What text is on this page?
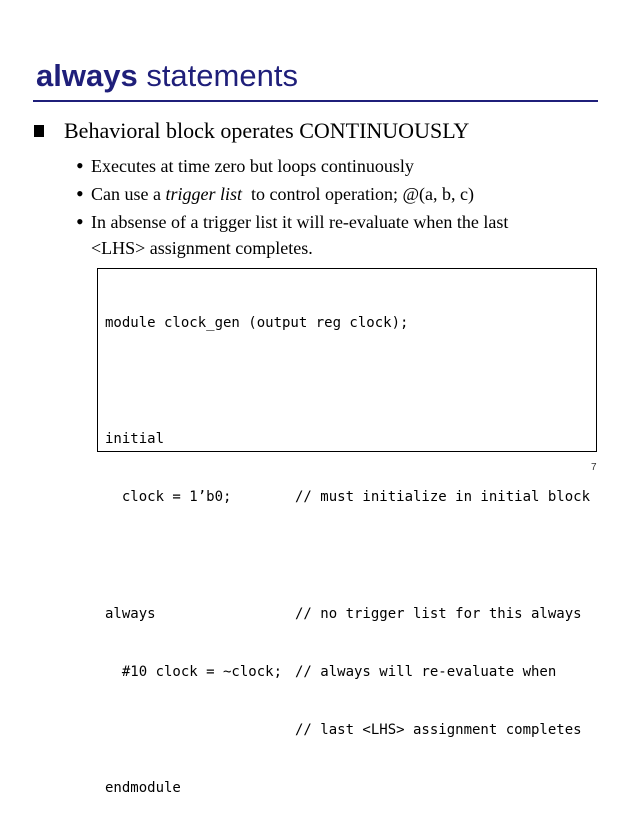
always statements
Behavioral block operates CONTINUOUSLY
• Executes at time zero but loops continuously
• Can use a trigger list  to control operation; @(a, b, c)
• In absense of a trigger list it will re-evaluate when the last
<LHS> assignment completes.

module clock_gen (output reg clock);

initial

clock = 1’b0;	// must initialize in initial block

always	// no trigger list for this always

#10 clock = ~clock; // always will re-evaluate when

// last <LHS> assignment completes

endmodule

7
